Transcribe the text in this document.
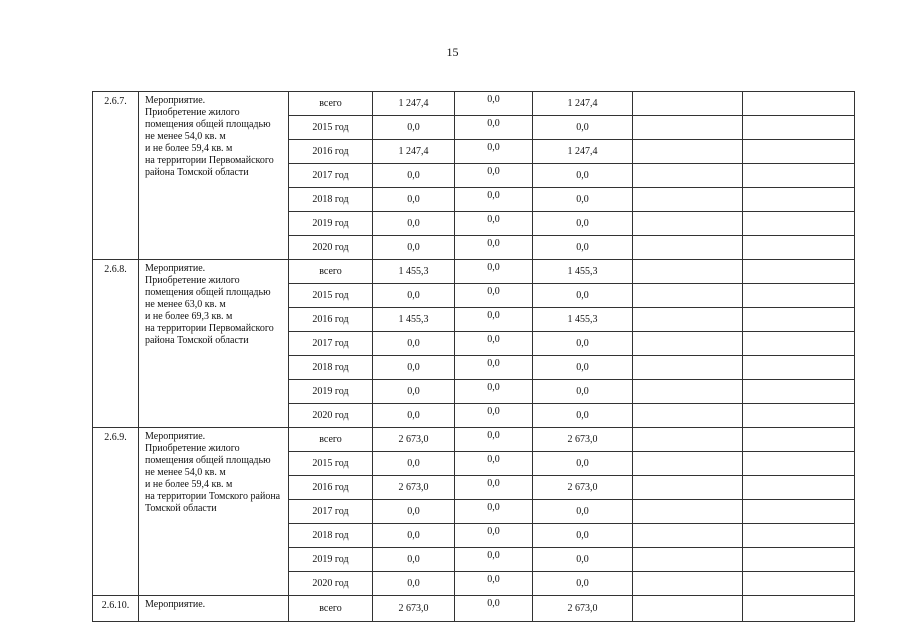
15
2.6.7.	Мероприятие.
Приобретение жилого помещения общей площадью
не менее 54,0 кв. м
и не более 59,4 кв. м
на территории Первомайского района Томской области	всего	1 247,4	0,0	1 247,4		
		2015 год	0,0	0,0	0,0		
		2016 год	1 247,4	0,0	1 247,4		
		2017 год	0,0	0,0	0,0		
		2018 год	0,0	0,0	0,0		
		2019 год	0,0	0,0	0,0		
		2020 год	0,0	0,0	0,0		
2.6.8.	Мероприятие.
Приобретение жилого помещения общей площадью
не менее 63,0 кв. м
и не более 69,3 кв. м
на территории Первомайского района Томской области	всего	1 455,3	0,0	1 455,3		
		2015 год	0,0	0,0	0,0		
		2016 год	1 455,3	0,0	1 455,3		
		2017 год	0,0	0,0	0,0		
		2018 год	0,0	0,0	0,0		
		2019 год	0,0	0,0	0,0		
		2020 год	0,0	0,0	0,0		
2.6.9.	Мероприятие.
Приобретение жилого помещения общей площадью
не менее 54,0 кв. м
и не более 59,4 кв. м
на территории Томского района Томской области	всего	2 673,0	0,0	2 673,0		
		2015 год	0,0	0,0	0,0		
		2016 год	2 673,0	0,0	2 673,0		
		2017 год	0,0	0,0	0,0		
		2018 год	0,0	0,0	0,0		
		2019 год	0,0	0,0	0,0		
		2020 год	0,0	0,0	0,0		
2.6.10.	Мероприятие.	всего	2 673,0	0,0	2 673,0		
